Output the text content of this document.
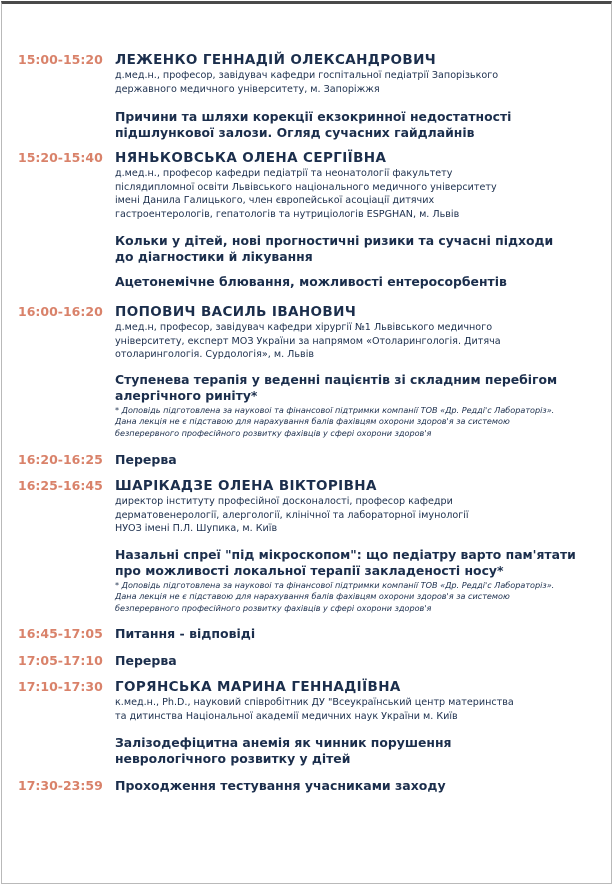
15:00-15:20 ЛЕЖЕНКО ГЕННАДІЙ ОЛЕКСАНДРОВИЧ
д.мед.н., професор, завідувач кафедри госпітальної педіатрії Запорізького
державного медичного університету, м. Запоріжжя
Причини та шляхи корекції екзокринної недостатності
підшлункової залози. Огляд сучасних гайдлайнів
15:20-15:40 НЯНЬКОВСЬКА ОЛЕНА СЕРГІЇВНА
д.мед.н., професор кафедри педіатрії та неонатології факультету
післядипломної освіти Львівського національного медичного університету
імені Данила Галицького, член європейської асоціації дитячих
гастроентерологів, гепатологів та нутриціологів ESPGHAN, м. Львів
Кольки у дітей, нові прогностичні ризики та сучасні підходи
до діагностики й лікування
Ацетонемічне блювання, можливості ентеросорбентів
16:00-16:20 ПОПОВИЧ ВАСИЛЬ ІВАНОВИЧ
д.мед.н, професор, завідувач кафедри хірургії №1 Львівського медичного
університету, експерт МОЗ України за напрямом «Отоларингологія. Дитяча
отоларингологія. Сурдологія», м. Львів
Ступенева терапія у веденні пацієнтів зі складним перебігом
алергічного риніту*
* Доповідь підготовлена за науковоі та фінансової підтримки компанії ТОВ «Др. Редді'с Лабораторіз».
Дана лекція не є підставою для нарахування балів фахівцям охорони здоров'я за системою
безперервного професійного розвитку фахівців у сфері охорони здоров'я
16:20-16:25 Перерва
16:25-16:45 ШАРІКАДЗЕ ОЛЕНА ВІКТОРІВНА
директор інституту професійної досконалості, професор кафедри
дерматовенерології, алергології, клінічної та лабораторної імунології
НУОЗ імені П.Л. Шупика, м. Київ
Назальні спреї "під мікроскопом": що педіатру варто пам'ятати
про можливості локальної терапії закладеності носу*
* Доповідь підготовлена за науковоі та фінансової підтримки компанії ТОВ «Др. Редді'с Лабораторіз».
Дана лекція не є підставою для нарахування балів фахівцям охорони здоров'я за системою
безперервного професійного розвитку фахівців у сфері охорони здоров'я
16:45-17:05 Питання - відповіді
17:05-17:10 Перерва
17:10-17:30 ГОРЯНСЬКА МАРИНА ГЕННАДІЇВНА
к.мед.н., Ph.D., науковий співробітник ДУ "Всеукраїнський центр материнства
та дитинства Національної академії медичних наук України м. Київ
Залізодефіцитна анемія як чинник порушення
неврологічного розвитку у дітей
17:30-23:59 Проходження тестування учасниками заходу
